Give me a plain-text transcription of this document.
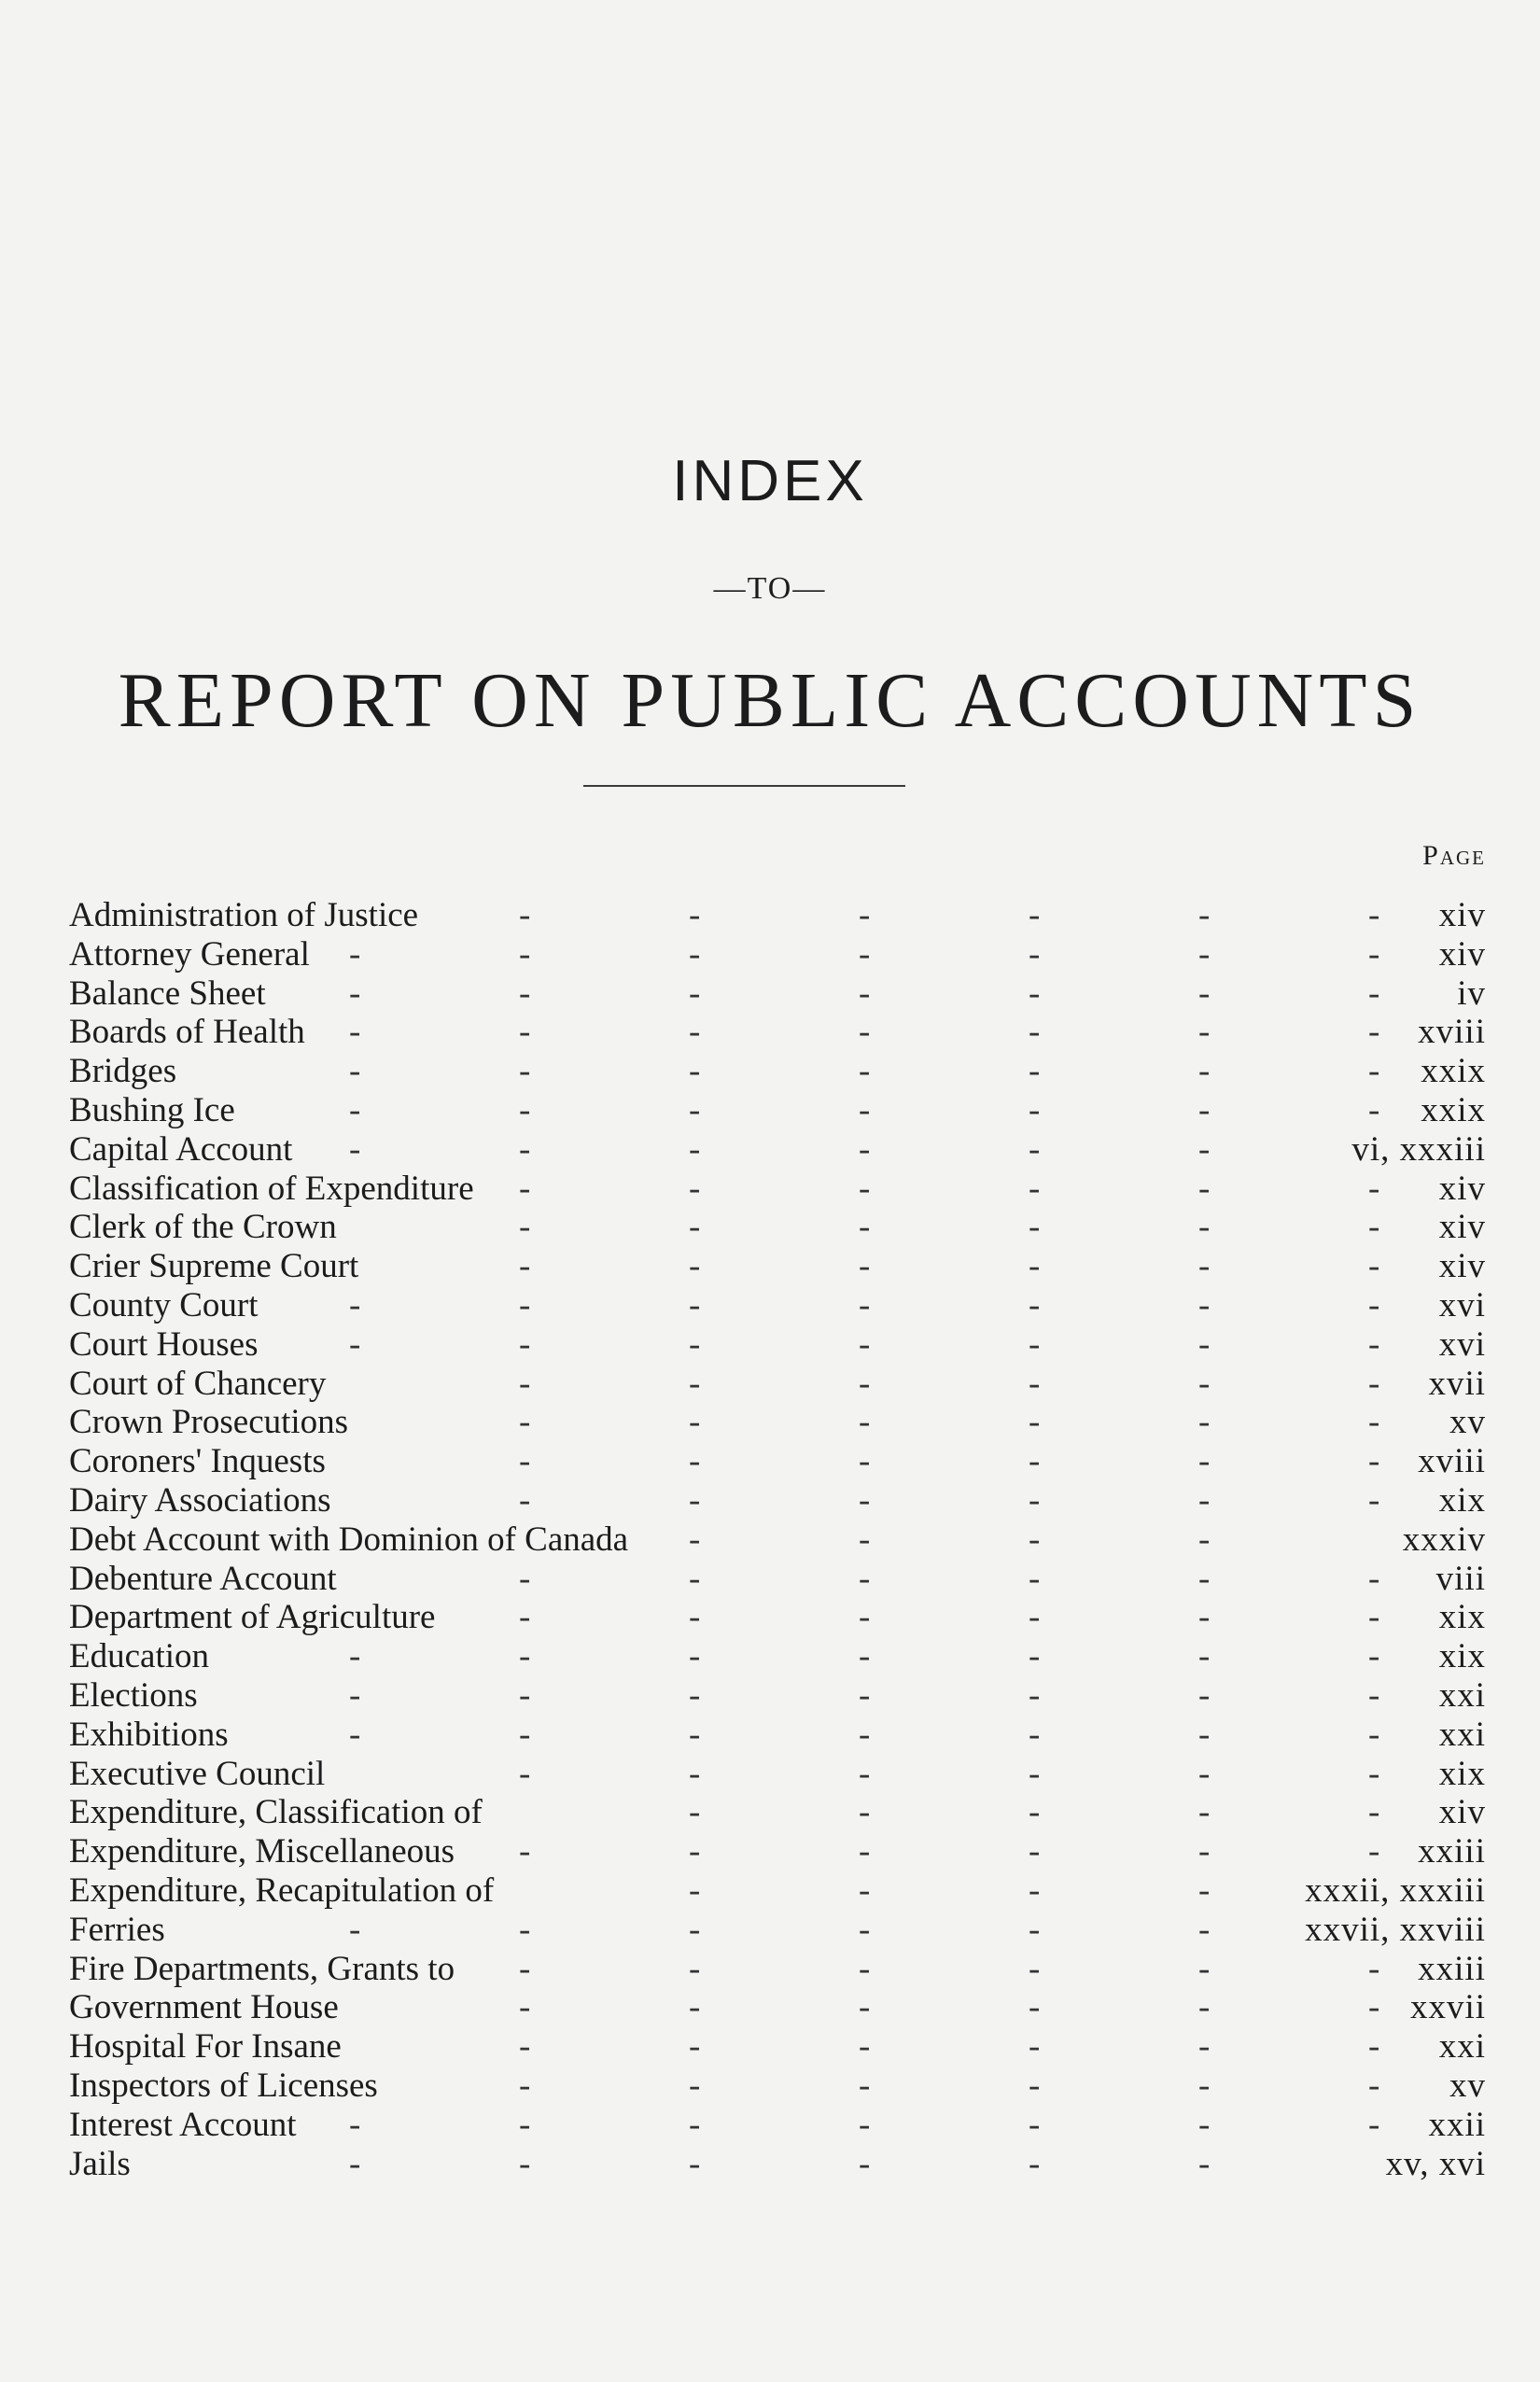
INDEX
—TO—
REPORT ON PUBLIC ACCOUNTS
Page
Administration of Justice	-	-	-	-	-	- xiv
Attorney General -	-	-	-	-	-	- xiv
Balance Sheet -	-	-	-	-	-	- iv
Boards of Health -	-	-	-	-	-	- xviii
Bridges	-	-	-	-	-	-	- xxix
Bushing Ice	-	-	-	-	-	-	- xxix
Capital Account -	-	-	-	-	-	vi, xxxiii
Classification of Expenditure -	-	-	-	-	- xiv
Clerk of the Crown	-	-	-	-	-	- xiv
Crier Supreme Court	-	-	-	-	-	- xiv
County Court	-	-	-	-	-	-	- xvi
Court Houses	-	-	-	-	-	-	- xvi
Court of Chancery	-	-	-	-	-	- xvii
Crown Prosecutions	-	-	-	-	-	- xv
Coroners' Inquests	-	-	-	-	-	- xviii
Dairy Associations	-	-	-	-	-	- xix
Debt Account with Dominion of Canada -	-	-	-	xxxiv
Debenture Account	-	-	-	-	-	- viii
Department of Agriculture -	-	-	-	-	- xix
Education	-	-	-	-	-	-	- xix
Elections	-	-	-	-	-	-	- xxi
Exhibitions	-	-	-	-	-	-	- xxi
Executive Council	-	-	-	-	-	- xix
Expenditure, Classification of	-	-	-	-	- xiv
Expenditure, Miscellaneous -	-	-	-	-	- xxiii
Expenditure, Recapitulation of	-	-	-	-	xxxii, xxxiii
Ferries	-	-	-	-	-	-	xxvii, xxviii
Fire Departments, Grants to -	-	-	-	-	- xxiii
Government House	-	-	-	-	-	- xxvii
Hospital For Insane	-	-	-	-	-	- xxi
Inspectors of Licenses	-	-	-	-	-	- xv
Interest Account -	-	-	-	-	-	- xxii
Jails	-	-	-	-	-	-	xv, xvi
